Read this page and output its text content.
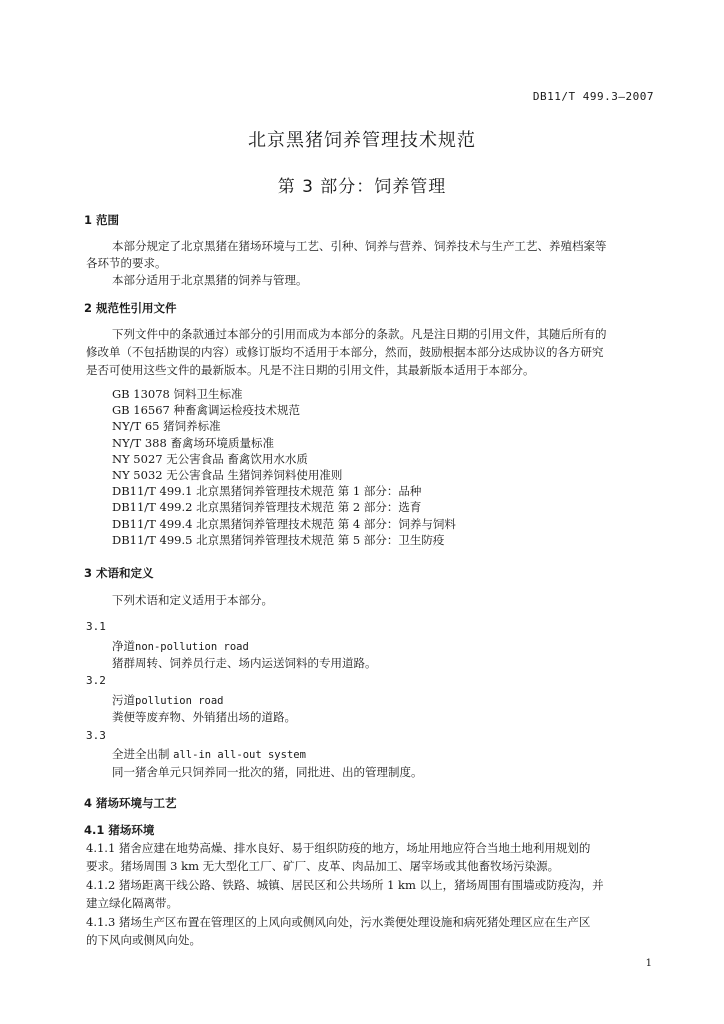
DB11/T 499.3—2007
北京黑猪饲养管理技术规范
第 3 部分：饲养管理
1 范围
本部分规定了北京黑猪在猪场环境与工艺、引种、饲养与营养、饲养技术与生产工艺、养殖档案等
各环节的要求。
本部分适用于北京黑猪的饲养与管理。
2 规范性引用文件
下列文件中的条款通过本部分的引用而成为本部分的条款。凡是注日期的引用文件，其随后所有的
修改单（不包括勘误的内容）或修订版均不适用于本部分，然而，鼓励根据本部分达成协议的各方研究
是否可使用这些文件的最新版本。凡是不注日期的引用文件，其最新版本适用于本部分。
GB 13078 饲料卫生标准
GB 16567 种畜禽调运检疫技术规范
NY/T 65 猪饲养标准
NY/T 388 畜禽场环境质量标准
NY 5027 无公害食品 畜禽饮用水水质
NY 5032 无公害食品 生猪饲养饲料使用准则
DB11/T 499.1 北京黑猪饲养管理技术规范 第 1 部分：品种
DB11/T 499.2 北京黑猪饲养管理技术规范 第 2 部分：选育
DB11/T 499.4 北京黑猪饲养管理技术规范 第 4 部分：饲养与饲料
DB11/T 499.5 北京黑猪饲养管理技术规范 第 5 部分：卫生防疫
3 术语和定义
下列术语和定义适用于本部分。
3.1
净道non-pollution road
猪群周转、饲养员行走、场内运送饲料的专用道路。
3.2
污道pollution road
粪便等废弃物、外销猪出场的道路。
3.3
全进全出制 all-in all-out system
同一猪舍单元只饲养同一批次的猪，同批进、出的管理制度。
4 猪场环境与工艺
4.1 猪场环境
4.1.1 猪舍应建在地势高燥、排水良好、易于组织防疫的地方，场址用地应符合当地土地利用规划的
要求。猪场周围 3 km 无大型化工厂、矿厂、皮革、肉品加工、屠宰场或其他畜牧场污染源。
4.1.2 猪场距离干线公路、铁路、城镇、居民区和公共场所 1 km 以上，猪场周围有围墙或防疫沟，并
建立绿化隔离带。
4.1.3 猪场生产区布置在管理区的上风向或侧风向处，污水粪便处理设施和病死猪处理区应在生产区
的下风向或侧风向处。
1
